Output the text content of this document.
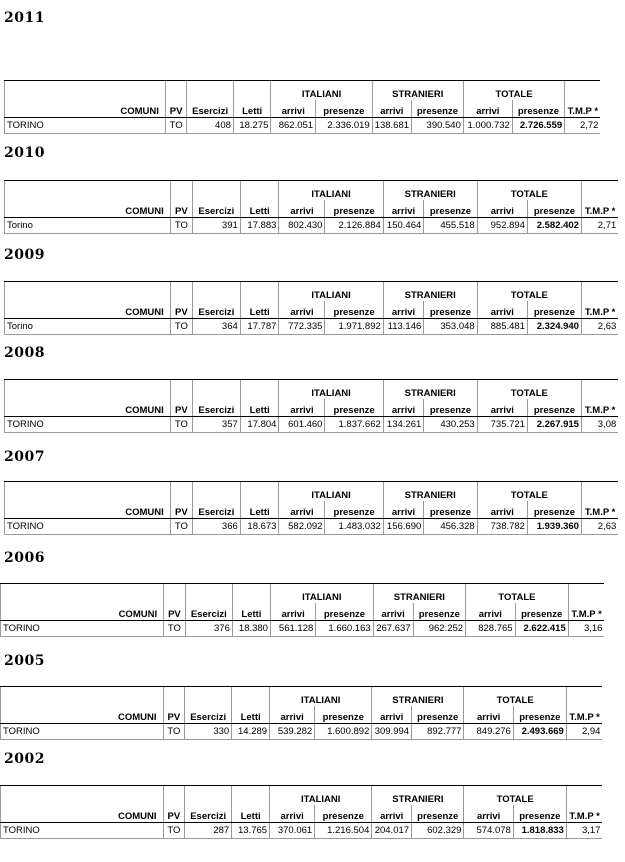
2011
				ITALIANI		STRANIERI		TOTALE		
COMUNI	PV	Esercizi	Letti	arrivi	presenze	arrivi	presenze	arrivi	presenze	T.M.P *
TORINO	TO	408	18.275	862.051	2.336.019	138.681	390.540	1.000.732	2.726.559	2,72
2010
				ITALIANI		STRANIERI		TOTALE		
COMUNI	PV	Esercizi	Letti	arrivi	presenze	arrivi	presenze	arrivi	presenze	T.M.P *
Torino	TO	391	17.883	802.430	2.126.884	150.464	455.518	952.894	2.582.402	2,71
2009
				ITALIANI		STRANIERI		TOTALE		
COMUNI	PV	Esercizi	Letti	arrivi	presenze	arrivi	presenze	arrivi	presenze	T.M.P *
Torino	TO	364	17.787	772.335	1.971.892	113.146	353.048	885.481	2.324.940	2,63
2008
				ITALIANI		STRANIERI		TOTALE		
COMUNI	PV	Esercizi	Letti	arrivi	presenze	arrivi	presenze	arrivi	presenze	T.M.P *
TORINO	TO	357	17.804	601.460	1.837.662	134.261	430.253	735.721	2.267.915	3,08
2007
				ITALIANI		STRANIERI		TOTALE		
COMUNI	PV	Esercizi	Letti	arrivi	presenze	arrivi	presenze	arrivi	presenze	T.M.P *
TORINO	TO	366	18.673	582.092	1.483.032	156.690	456.328	738.782	1.939.360	2,63
2006
				ITALIANI		STRANIERI		TOTALE		
COMUNI	PV	Esercizi	Letti	arrivi	presenze	arrivi	presenze	arrivi	presenze	T.M.P *
TORINO	TO	376	18.380	561.128	1.660.163	267.637	962.252	828.765	2.622.415	3,16
2005
				ITALIANI		STRANIERI		TOTALE		
COMUNI	PV	Esercizi	Letti	arrivi	presenze	arrivi	presenze	arrivi	presenze	T.M.P *
TORINO	TO	330	14.289	539.282	1.600.892	309.994	892.777	849.276	2.493.669	2,94
2002
				ITALIANI		STRANIERI		TOTALE		
COMUNI	PV	Esercizi	Letti	arrivi	presenze	arrivi	presenze	arrivi	presenze	T.M.P *
TORINO	TO	287	13.765	370.061	1.216.504	204.017	602.329	574.078	1.818.833	3,17
